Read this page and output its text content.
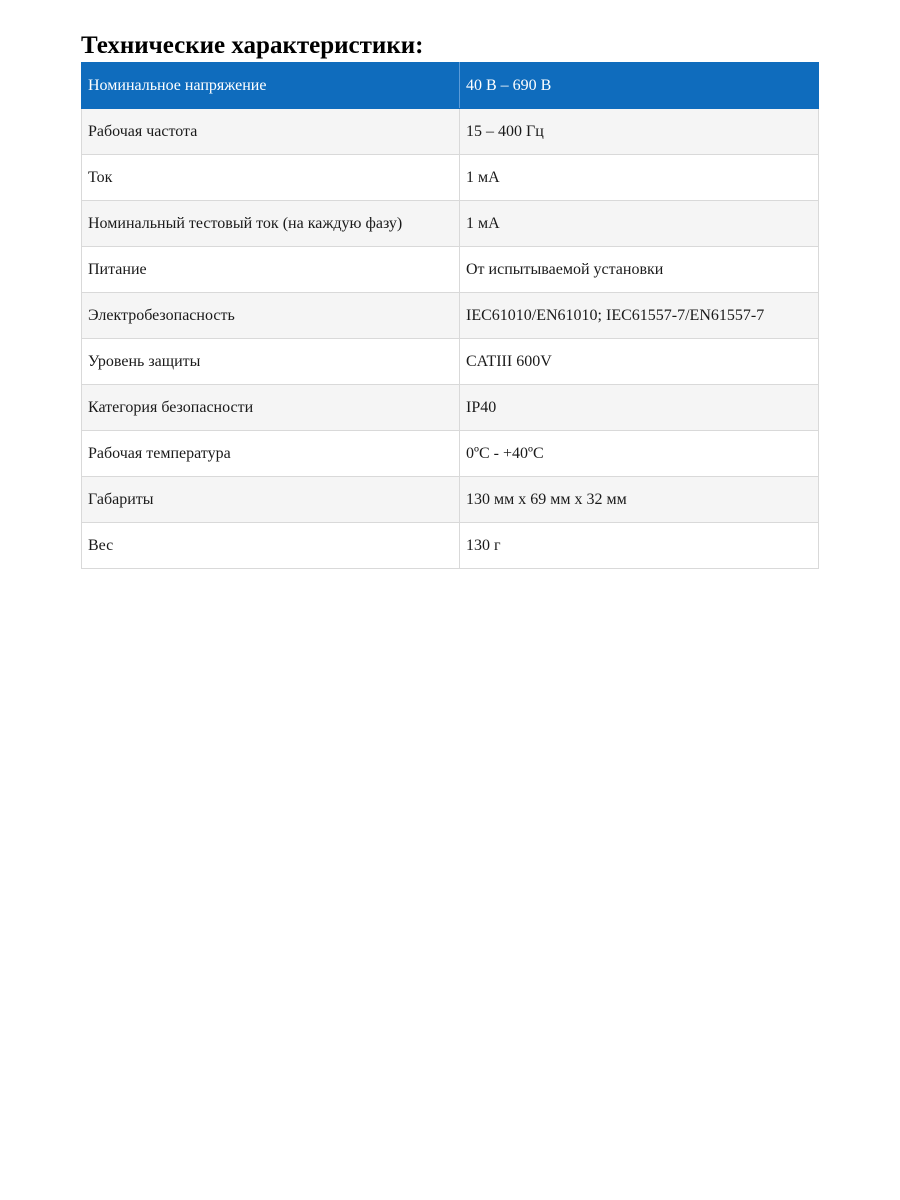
Технические характеристики:
Номинальное напряжение	40 В – 690 В
Рабочая частота	15 – 400 Гц
Ток	1 мА
Номинальный тестовый ток (на каждую фазу)	1 мА
Питание	От испытываемой установки
Электробезопасность	IEC61010/EN61010; IEC61557-7/EN61557-7
Уровень защиты	CATIII 600V
Категория безопасности	IP40
Рабочая температура	0ºС - +40ºС
Габариты	130 мм х 69 мм х 32 мм
Вес	130 г
